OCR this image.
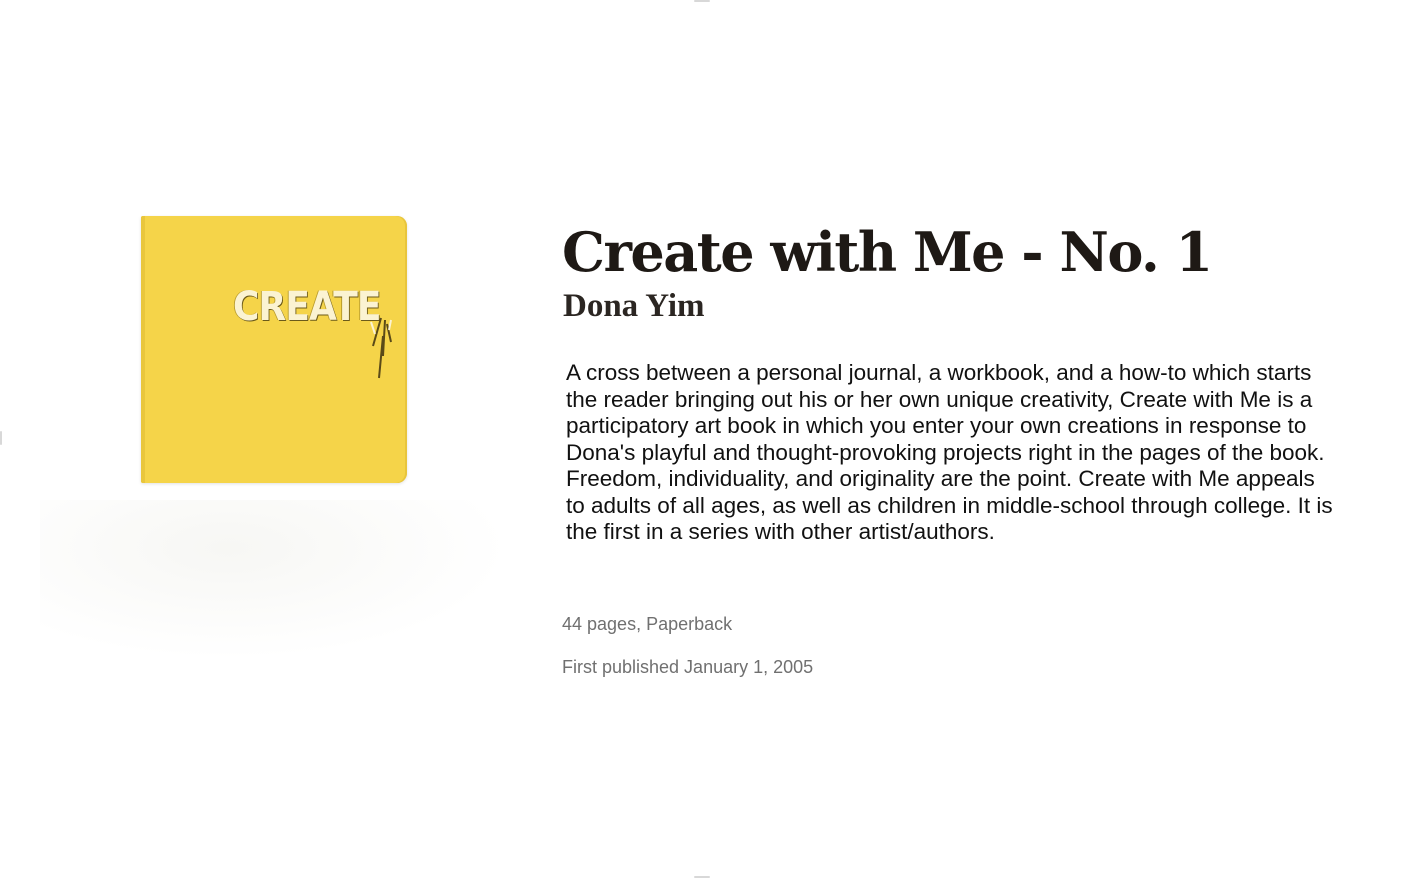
CREATE
Create with Me - No. 1
Dona Yim

A cross between a personal journal, a workbook, and a how-to which starts the reader bringing out his or her own unique creativity, Create with Me is a participatory art book in which you enter your own creations in response to Dona's playful and thought-provoking projects right in the pages of the book. Freedom, individuality, and originality are the point. Create with Me appeals to adults of all ages, as well as children in middle-school through college. It is the first in a series with other artist/authors.

44 pages, Paperback

First published January 1, 2005
